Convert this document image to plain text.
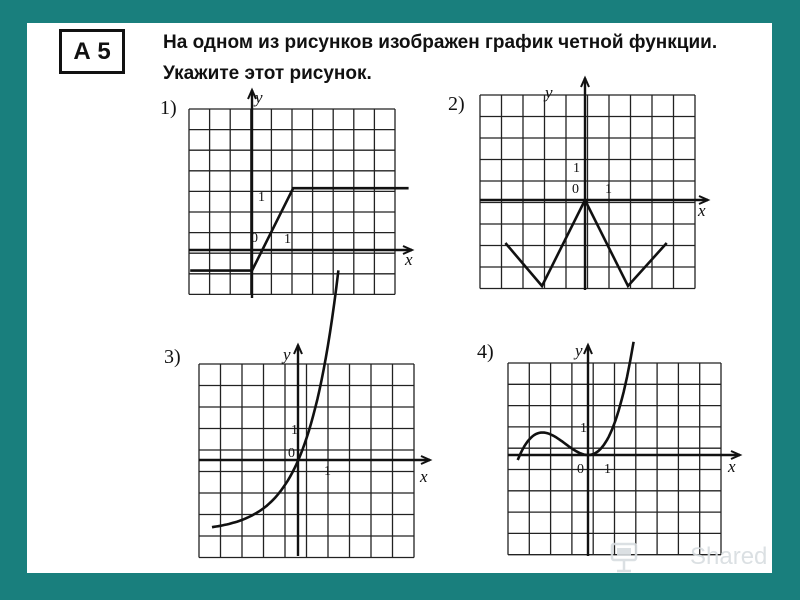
А 5	На одном из рисунков изображен график четной функции.

Укажите этот рисунок.

1)	2)
3)	4)
x
y
0 1
1
x
y
0 1
1
x
y
0
1
1
x
y
0 1
1
Shared
